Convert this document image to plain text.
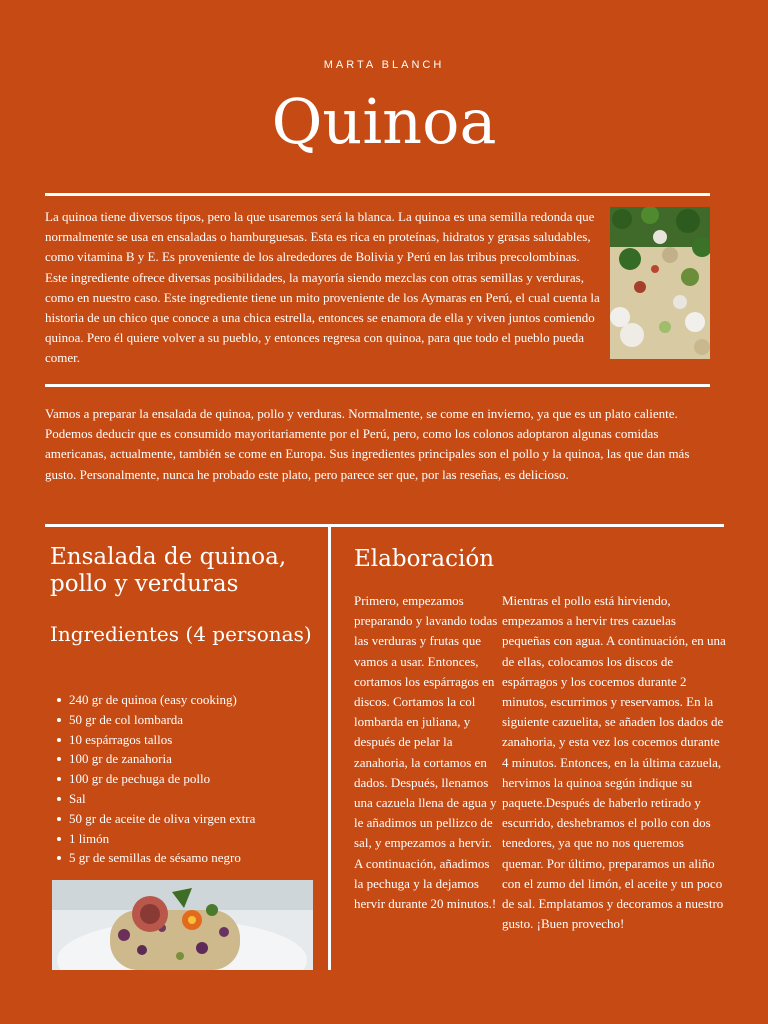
MARTA BLANCH
Quinoa
La quinoa tiene diversos tipos, pero la que usaremos será la blanca. La quinoa es una semilla redonda que normalmente se usa en ensaladas o hamburguesas. Esta es rica en proteínas, hidratos y grasas saludables, como vitamina B y E. Es proveniente de los alrededores de Bolivia y Perú en las tribus precolombinas. Este ingrediente ofrece diversas posibilidades, la mayoría siendo mezclas con otras semillas y verduras, como en nuestro caso. Este ingrediente tiene un mito proveniente de los Aymaras en Perú, el cual cuenta la historia de un chico que conoce a una chica estrella, entonces se enamora de ella y viven juntos comiendo quinoa. Pero él quiere volver a su pueblo, y entonces regresa con quinoa, para que todo el pueblo pueda comer.
Vamos a preparar la ensalada de quinoa, pollo y verduras. Normalmente, se come en invierno, ya que es un plato caliente. Podemos deducir que es consumido mayoritariamente por el Perú, pero, como los colonos adoptaron algunas comidas americanas, actualmente, también se come en Europa. Sus ingredientes principales son el pollo y la quinoa, las que dan más gusto. Personalmente, nunca he probado este plato, pero parece ser que, por las reseñas, es delicioso.
Ensalada de quinoa, pollo y verduras
Ingredientes (4 personas)
240 gr de quinoa (easy cooking)
50 gr de col lombarda
10 espárragos tallos
100 gr de zanahoria
100 gr de pechuga de pollo
Sal
50 gr de aceite de oliva virgen extra
1 limón
5 gr de semillas de sésamo negro
Elaboración
Primero, empezamos preparando y lavando todas las verduras y frutas que vamos a usar. Entonces, cortamos los espárragos en discos. Cortamos la col lombarda en juliana, y después de pelar la zanahoria, la cortamos en dados. Después, llenamos una cazuela llena de agua y le añadimos un pellizco de sal, y empezamos a hervir. A continuación, añadimos la pechuga y la dejamos hervir durante 20 minutos.!
Mientras el pollo está hirviendo, empezamos a hervir tres cazuelas pequeñas con agua. A continuación, en una de ellas, colocamos los discos de espárragos y los cocemos durante 2 minutos, escurrimos y reservamos. En la siguiente cazuelita, se añaden los dados de zanahoria, y esta vez los cocemos durante 4 minutos. Entonces, en la última cazuela, hervimos la quinoa según indique su paquete.Después de haberlo retirado y escurrido, deshebramos el pollo con dos tenedores, ya que no nos queremos quemar. Por último, preparamos un aliño con el zumo del limón, el aceite y un poco de sal. Emplatamos y decoramos a nuestro gusto. ¡Buen provecho!
